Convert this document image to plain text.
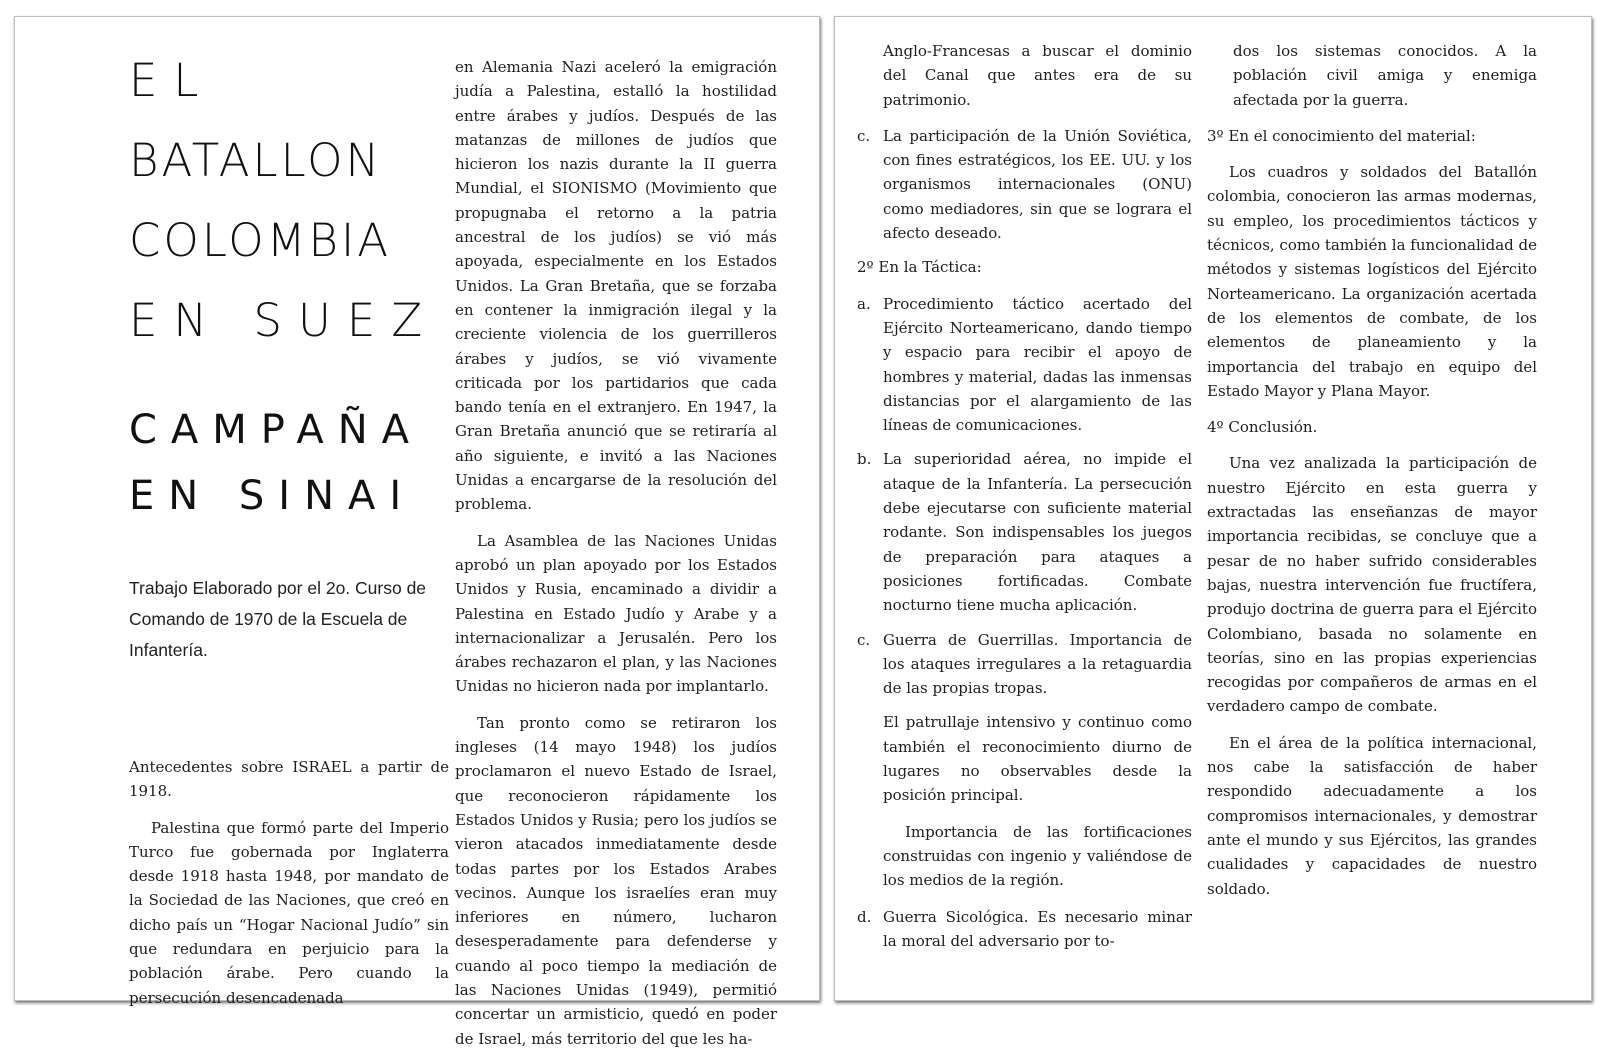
EL
BATALLON
COLOMBIA
EN SUEZ
CAMPAÑA
EN SINAI
Trabajo Elaborado por el 2o. Curso de Comando de 1970 de la Escuela de Infantería.

Antecedentes sobre ISRAEL a partir de 1918.

Palestina que formó parte del Imperio Turco fue gobernada por Inglaterra desde 1918 hasta 1948, por mandato de la Sociedad de las Naciones, que creó en dicho país un “Hogar Nacional Judío” sin que redundara en perjuicio para la población árabe. Pero cuando la persecución desencadenada

en Alemania Nazi aceleró la emigración judía a Palestina, estalló la hostilidad entre árabes y judíos. Después de las matanzas de millones de judíos que hicieron los nazis durante la II guerra Mundial, el SIONISMO (Movimiento que propugnaba el retorno a la patria ancestral de los judíos) se vió más apoyada, especialmente en los Estados Unidos. La Gran Bretaña, que se forzaba en contener la inmigración ilegal y la creciente violencia de los guerrilleros árabes y judíos, se vió vivamente criticada por los partidarios que cada bando tenía en el extranjero. En 1947, la Gran Bretaña anunció que se retiraría al año siguiente, e invitó a las Naciones Unidas a encargarse de la resolución del problema.

La Asamblea de las Naciones Unidas aprobó un plan apoyado por los Estados Unidos y Rusia, encaminado a dividir a Palestina en Estado Judío y Arabe y a internacionalizar a Jerusalén. Pero los árabes rechazaron el plan, y las Naciones Unidas no hicieron nada por implantarlo.

Tan pronto como se retiraron los ingleses (14 mayo 1948) los judíos proclamaron el nuevo Estado de Israel, que reconocieron rápidamente los Estados Unidos y Rusia; pero los judíos se vieron atacados inmediatamente desde todas partes por los Estados Arabes vecinos. Aunque los israelíes eran muy inferiores en número, lucharon desesperadamente para defenderse y cuando al poco tiempo la mediación de las Naciones Unidas (1949), permitió concertar un armisticio, quedó en poder de Israel, más territorio del que les ha-

Anglo-Francesas a buscar el dominio del Canal que antes era de su patrimonio.

c. La participación de la Unión Soviética, con fines estratégicos, los EE. UU. y los organismos internacionales (ONU) como mediadores, sin que se lograra el afecto deseado.

2º En la Táctica:

a. Procedimiento táctico acertado del Ejército Norteamericano, dando tiempo y espacio para recibir el apoyo de hombres y material, dadas las inmensas distancias por el alargamiento de las líneas de comunicaciones.
b. La superioridad aérea, no impide el ataque de la Infantería. La persecución debe ejecutarse con suficiente material rodante. Son indispensables los juegos de preparación para ataques a posiciones fortificadas. Combate nocturno tiene mucha aplicación.
c. Guerra de Guerrillas. Importancia de los ataques irregulares a la retaguardia de las propias tropas.

El patrullaje intensivo y continuo como también el reconocimiento diurno de lugares no observables desde la posición principal.

Importancia de las fortificaciones construidas con ingenio y valiéndose de los medios de la región.

d. Guerra Sicológica. Es necesario minar la moral del adversario por to-

dos los sistemas conocidos. A la población civil amiga y enemiga afectada por la guerra.

3º En el conocimiento del material:

Los cuadros y soldados del Batallón colombia, conocieron las armas modernas, su empleo, los procedimientos tácticos y técnicos, como también la funcionalidad de métodos y sistemas logísticos del Ejército Norteamericano. La organización acertada de los elementos de combate, de los elementos de planeamiento y la importancia del trabajo en equipo del Estado Mayor y Plana Mayor.

4º Conclusión.

Una vez analizada la participación de nuestro Ejército en esta guerra y extractadas las enseñanzas de mayor importancia recibidas, se concluye que a pesar de no haber sufrido considerables bajas, nuestra intervención fue fructífera, produjo doctrina de guerra para el Ejército Colombiano, basada no solamente en teorías, sino en las propias experiencias recogidas por compañeros de armas en el verdadero campo de combate.

En el área de la política internacional, nos cabe la satisfacción de haber respondido adecuadamente a los compromisos internacionales, y demostrar ante el mundo y sus Ejércitos, las grandes cualidades y capacidades de nuestro soldado.
